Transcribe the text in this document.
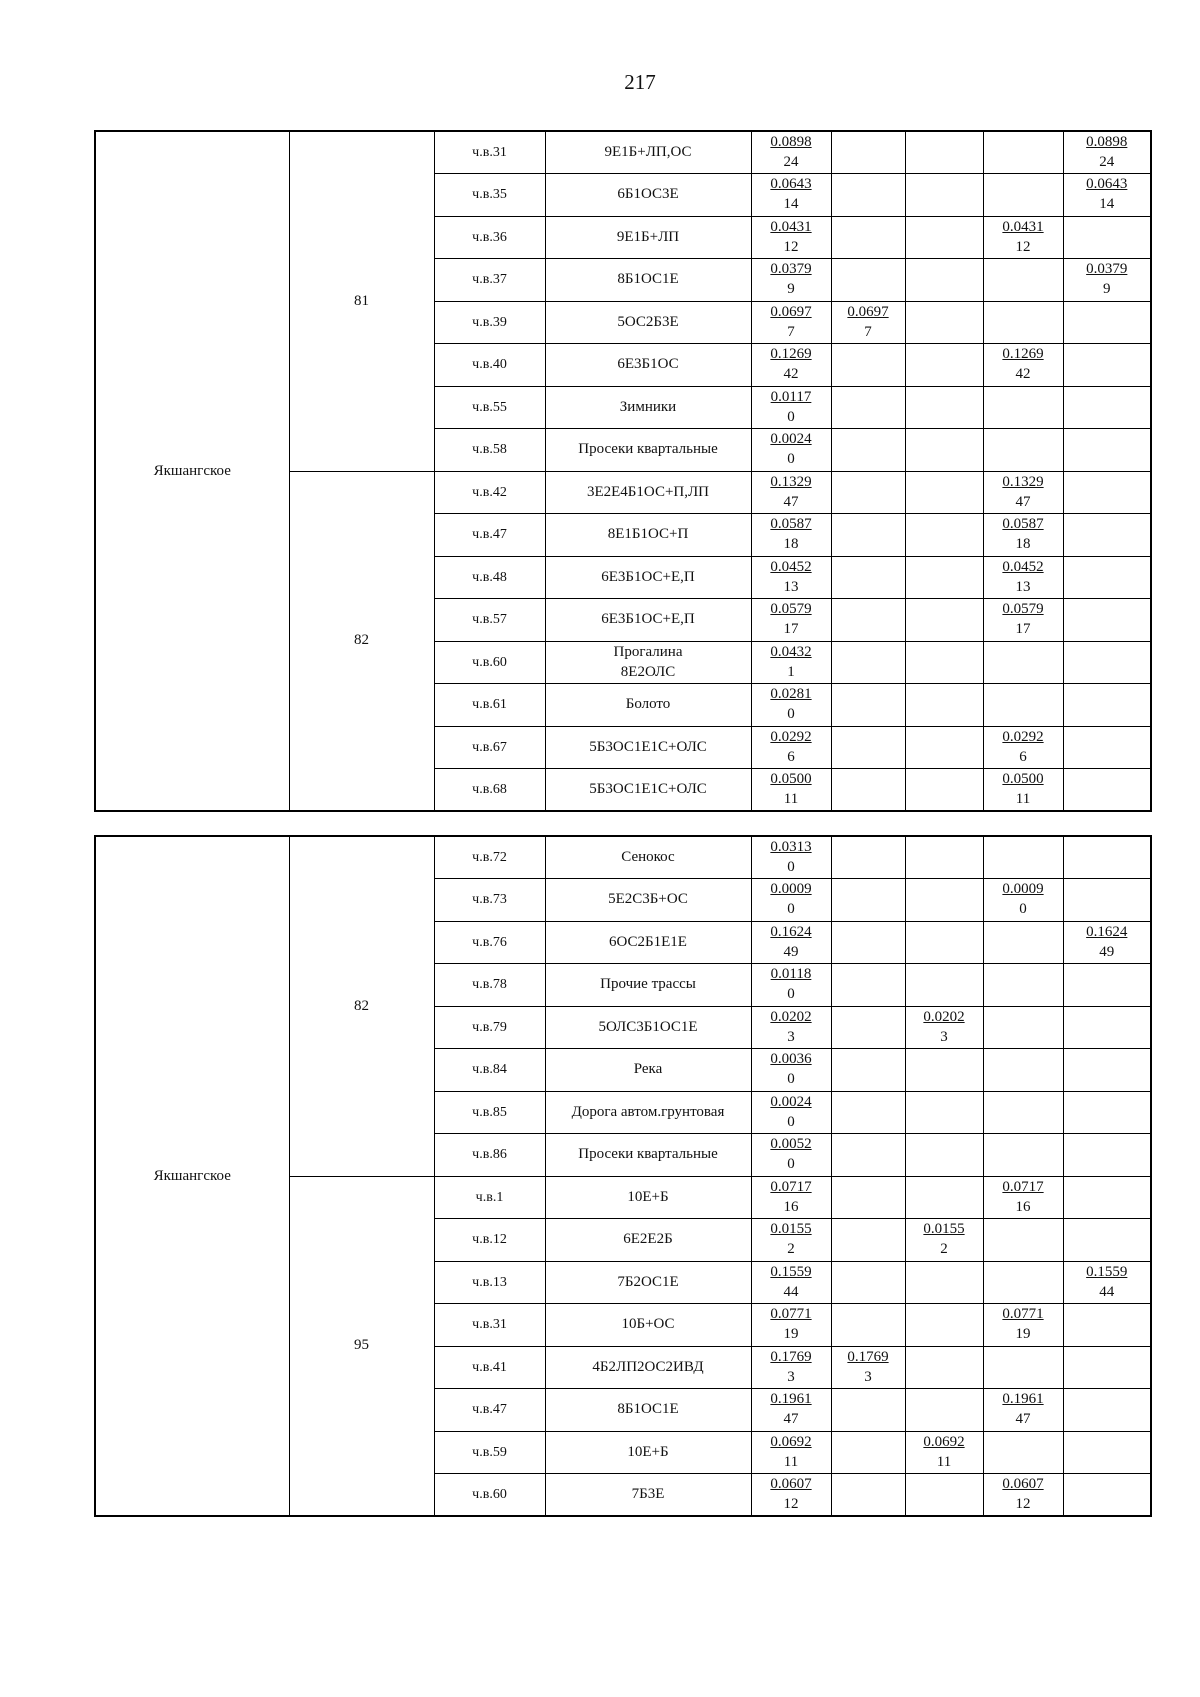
217
Якшангское	81	ч.в.31	9Е1Б+ЛП,ОС	$\frac{0.0898}{24}$				$\frac{0.0898}{24}$

		ч.в.35	6Б1ОС3Е	$\frac{0.0643}{14}$				$\frac{0.0643}{14}$

		ч.в.36	9Е1Б+ЛП	$\frac{0.0431}{12}$			$\frac{0.0431}{12}$

		ч.в.37	8Б1ОС1Е	$\frac{0.0379}{9}$				$\frac{0.0379}{9}$

		ч.в.39	5ОС2Б3Е	$\frac{0.0697}{7}$	$\frac{0.0697}{7}$

		ч.в.40	6Е3Б1ОС	$\frac{0.1269}{42}$			$\frac{0.1269}{42}$

		ч.в.55	Зимники	$\frac{0.0117}{0}$

		ч.в.58	Просеки квартальные	$\frac{0.0024}{0}$

	82	ч.в.42	3Е2Е4Б1ОС+П,ЛП	$\frac{0.1329}{47}$			$\frac{0.1329}{47}$

		ч.в.47	8Е1Б1ОС+П	$\frac{0.0587}{18}$			$\frac{0.0587}{18}$

		ч.в.48	6Е3Б1ОС+Е,П	$\frac{0.0452}{13}$			$\frac{0.0452}{13}$

		ч.в.57	6Е3Б1ОС+Е,П	$\frac{0.0579}{17}$			$\frac{0.0579}{17}$

		ч.в.60	Прогалина
8Е2ОЛС	$\frac{0.0432}{1}$

		ч.в.61	Болото	$\frac{0.0281}{0}$

		ч.в.67	5Б3ОС1Е1С+ОЛС	$\frac{0.0292}{6}$			$\frac{0.0292}{6}$

		ч.в.68	5Б3ОС1Е1С+ОЛС	$\frac{0.0500}{11}$			$\frac{0.0500}{11}$

Якшангское	82	ч.в.72	Сенокос	$\frac{0.0313}{0}$

		ч.в.73	5Е2С3Б+ОС	$\frac{0.0009}{0}$			$\frac{0.0009}{0}$

		ч.в.76	6ОС2Б1Е1Е	$\frac{0.1624}{49}$				$\frac{0.1624}{49}$

		ч.в.78	Прочие трассы	$\frac{0.0118}{0}$

		ч.в.79	5ОЛС3Б1ОС1Е	$\frac{0.0202}{3}$		$\frac{0.0202}{3}$

		ч.в.84	Река	$\frac{0.0036}{0}$

		ч.в.85	Дорога автом.грунтовая	$\frac{0.0024}{0}$

		ч.в.86	Просеки квартальные	$\frac{0.0052}{0}$

	95	ч.в.1	10Е+Б	$\frac{0.0717}{16}$			$\frac{0.0717}{16}$

		ч.в.12	6Е2Е2Б	$\frac{0.0155}{2}$		$\frac{0.0155}{2}$

		ч.в.13	7Б2ОС1Е	$\frac{0.1559}{44}$				$\frac{0.1559}{44}$

		ч.в.31	10Б+ОС	$\frac{0.0771}{19}$			$\frac{0.0771}{19}$

		ч.в.41	4Б2ЛП2ОС2ИВД	$\frac{0.1769}{3}$	$\frac{0.1769}{3}$

		ч.в.47	8Б1ОС1Е	$\frac{0.1961}{47}$			$\frac{0.1961}{47}$

		ч.в.59	10Е+Б	$\frac{0.0692}{11}$		$\frac{0.0692}{11}$

		ч.в.60	7Б3Е	$\frac{0.0607}{12}$			$\frac{0.0607}{12}$
